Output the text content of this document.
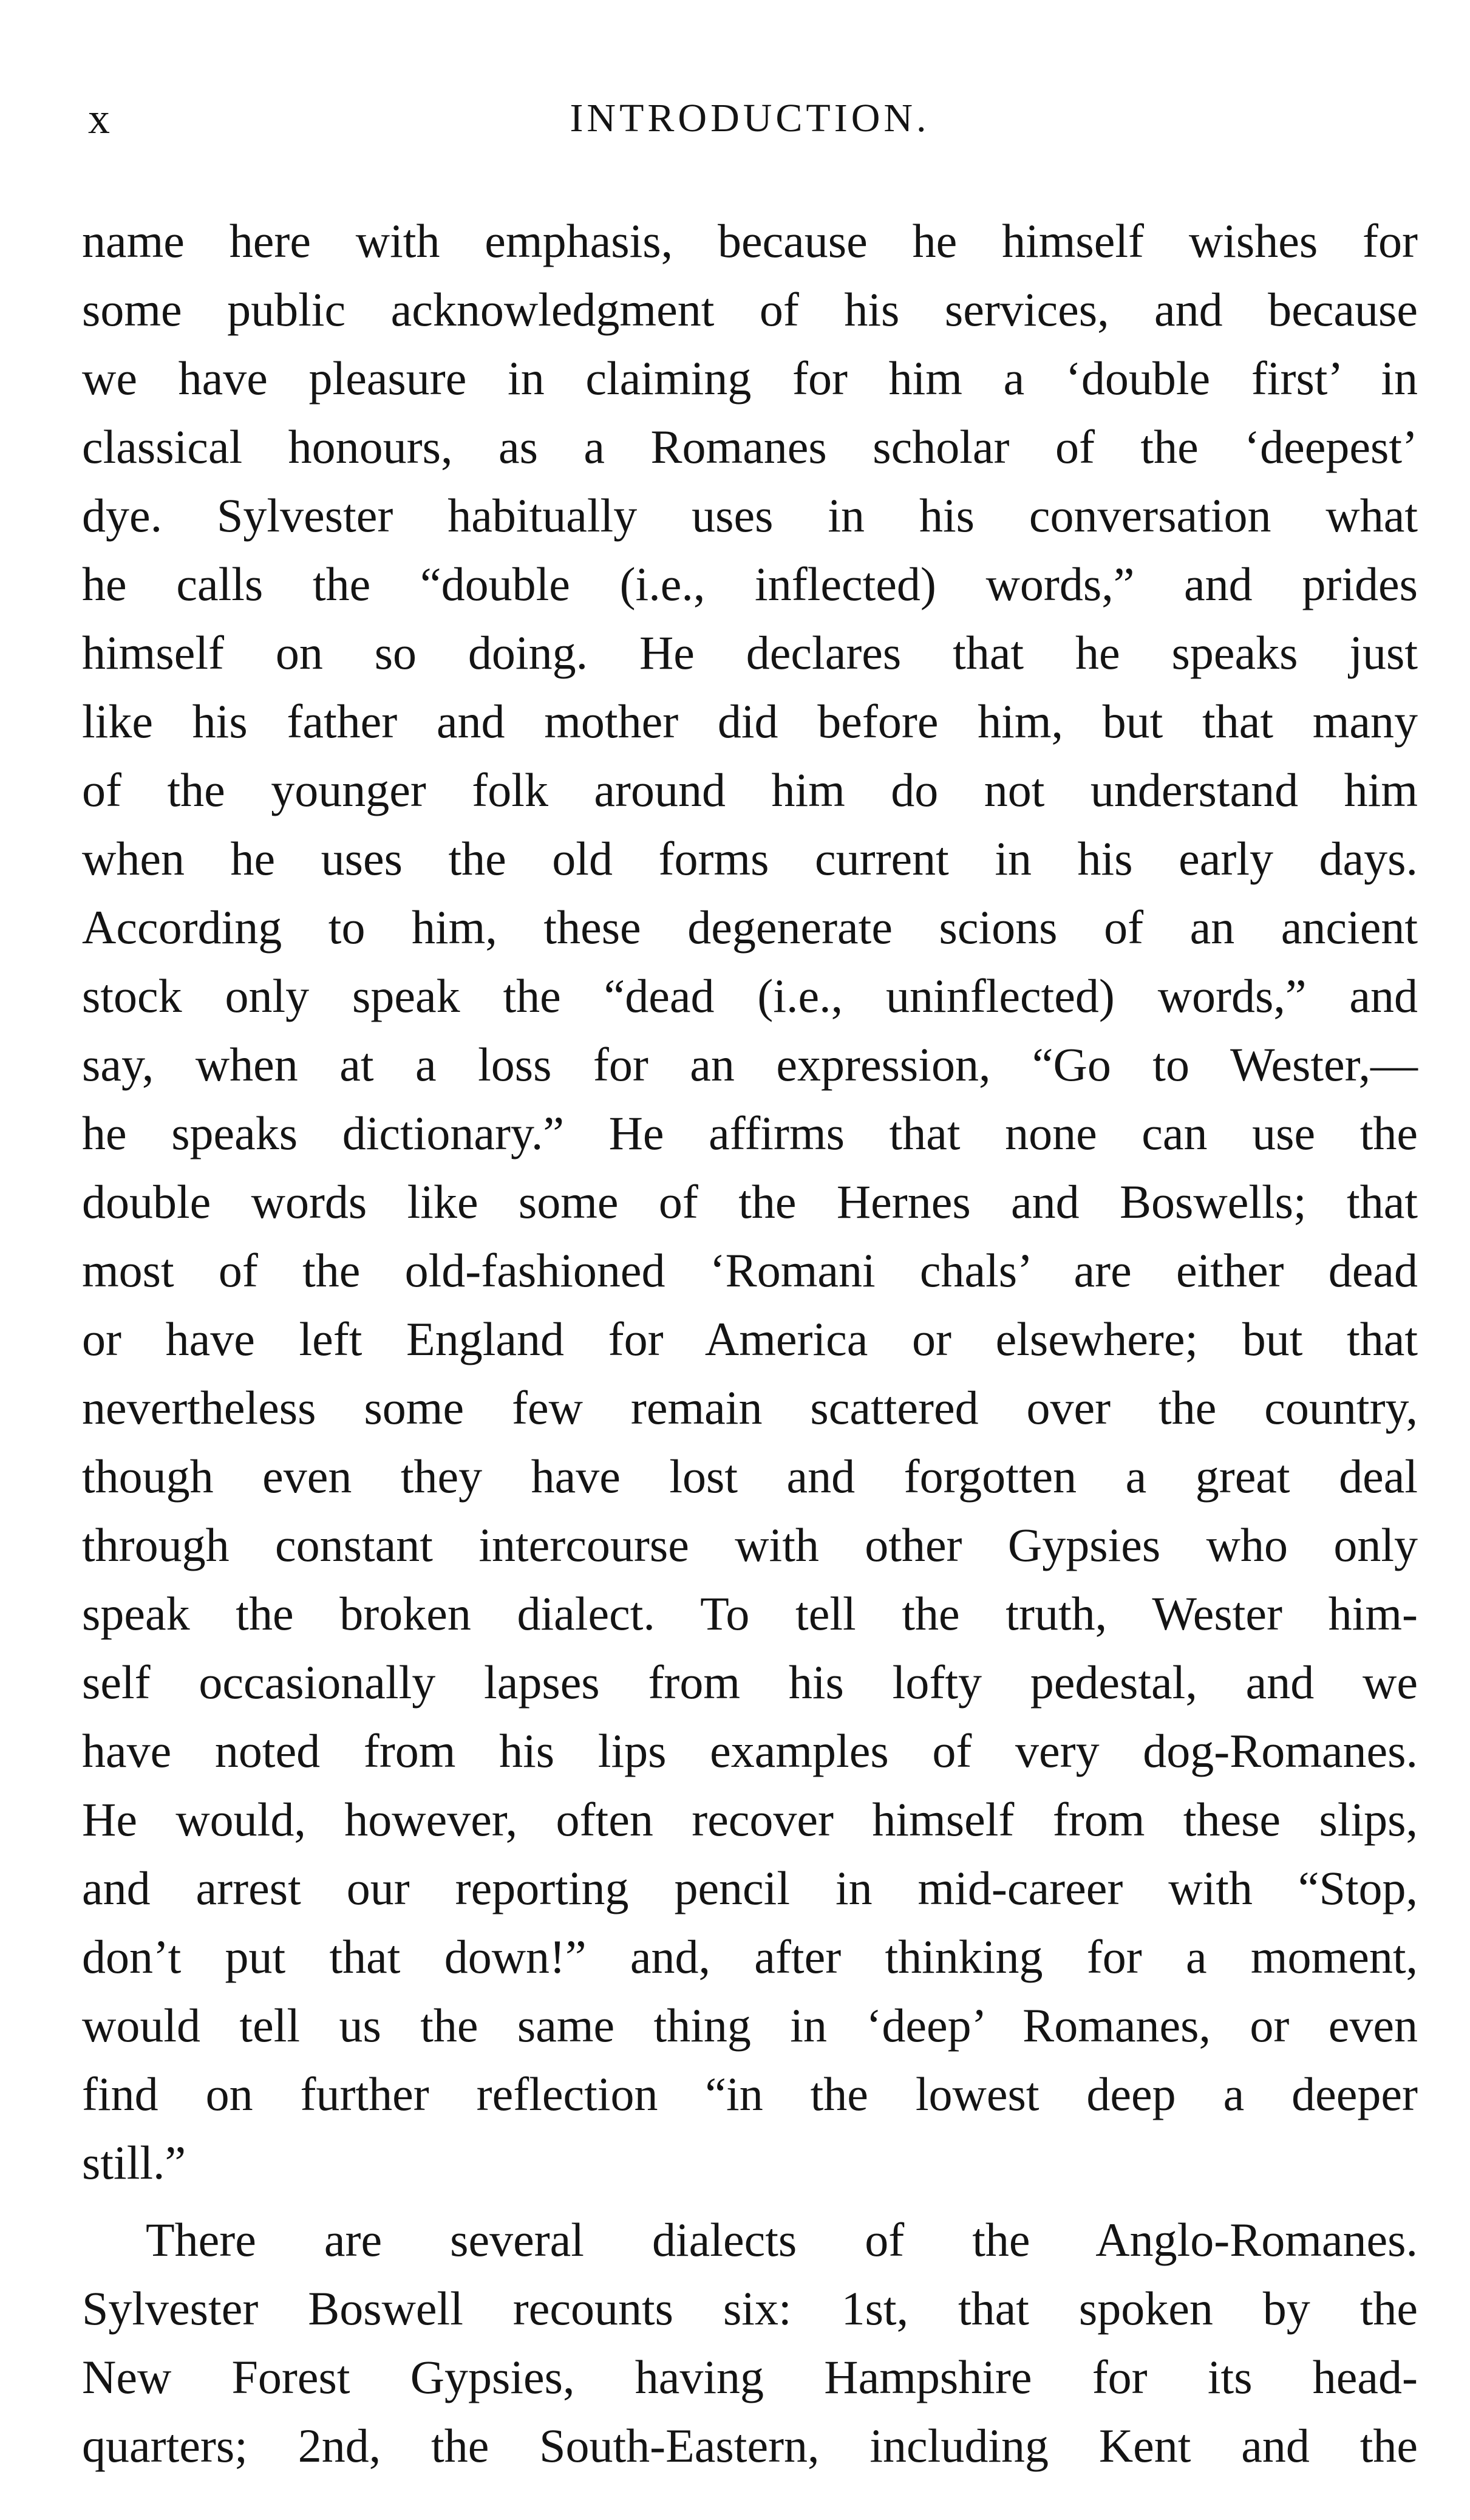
x	INTRODUCTION.
name here with emphasis, because he himself wishes for
some public acknowledgment of his services, and because
we have pleasure in claiming for him a ‘double first’ in
classical honours, as a Romanes scholar of the ‘deepest’
dye. Sylvester habitually uses in his conversation what
he calls the “double (i.e., inflected) words,” and prides
himself on so doing. He declares that he speaks just
like his father and mother did before him, but that many
of the younger folk around him do not understand him
when he uses the old forms current in his early days.
According to him, these degenerate scions of an ancient
stock only speak the “dead (i.e., uninflected) words,” and
say, when at a loss for an expression, “Go to Wester,—
he speaks dictionary.” He affirms that none can use the
double words like some of the Hernes and Boswells; that
most of the old-fashioned ‘Romani chals’ are either dead
or have left England for America or elsewhere; but that
nevertheless some few remain scattered over the country,
though even they have lost and forgotten a great deal
through constant intercourse with other Gypsies who only
speak the broken dialect. To tell the truth, Wester him-
self occasionally lapses from his lofty pedestal, and we
have noted from his lips examples of very dog-Romanes.
He would, however, often recover himself from these slips,
and arrest our reporting pencil in mid-career with “Stop,
don’t put that down!” and, after thinking for a moment,
would tell us the same thing in ‘deep’ Romanes, or even
find on further reflection “in the lowest deep a deeper
still.”
There are several dialects of the Anglo-Romanes.
Sylvester Boswell recounts six: 1st, that spoken by the
New Forest Gypsies, having Hampshire for its head-
quarters; 2nd, the South-Eastern, including Kent and the
